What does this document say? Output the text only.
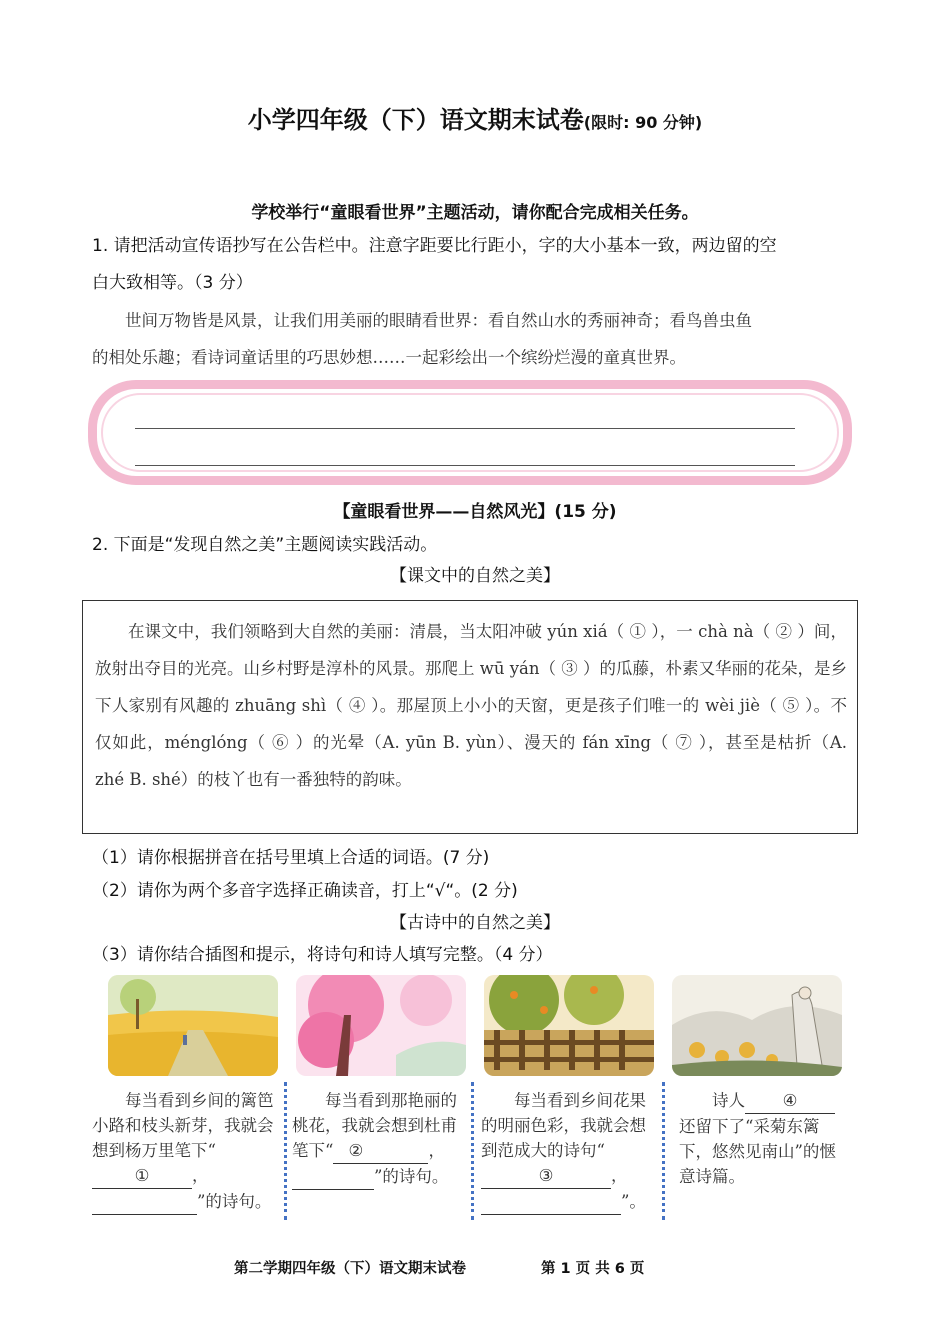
小学四年级（下）语文期末试卷(限时: 90 分钟)
学校举行“童眼看世界”主题活动，请你配合完成相关任务。
1. 请把活动宣传语抄写在公告栏中。注意字距要比行距小，字的大小基本一致，两边留的空
白大致相等。（3 分）
世间万物皆是风景，让我们用美丽的眼睛看世界：看自然山水的秀丽神奇；看鸟兽虫鱼
的相处乐趣；看诗词童话里的巧思妙想……一起彩绘出一个缤纷烂漫的童真世界。
【童眼看世界——自然风光】(15 分)
2. 下面是“发现自然之美”主题阅读实践活动。
【课文中的自然之美】

在课文中，我们领略到大自然的美丽：清晨，当太阳冲破 yún xiá（ ① ），一 chà nà（ ② ）间，放射出夺目的光亮。山乡村野是淳朴的风景。那爬上 wū yán（ ③ ）的瓜藤，朴素又华丽的花朵，是乡下人家别有风趣的 zhuāng shì（ ④ ）。那屋顶上小小的天窗，更是孩子们唯一的 wèi jiè（ ⑤ ）。不仅如此，ménglóng（ ⑥ ）的光晕（A. yūn B. yùn）、漫天的 fán xīng（ ⑦ ），甚至是枯折（A. zhé B. shé）的枝丫也有一番独特的韵味。

（1）请你根据拼音在括号里填上合适的词语。(7 分)
（2）请你为两个多音字选择正确读音，打上“√“。(2 分)
【古诗中的自然之美】
（3）请你结合插图和提示，将诗句和诗人填写完整。（4 分）
每当看到乡间的篱笆小路和枝头新芽，我就会想到杨万里笔下“①	，”的诗句。
每当看到那艳丽的桃花，我就会想到杜甫笔下“ ②	，”的诗句。
每当看到乡间花果的明丽色彩，我就会想到范成大的诗句“③	，”。
诗人 ④还留下了“采菊东篱下，悠然见南山”的惬意诗篇。
第二学期四年级（下）语文期末试卷	第 1 页 共 6 页
